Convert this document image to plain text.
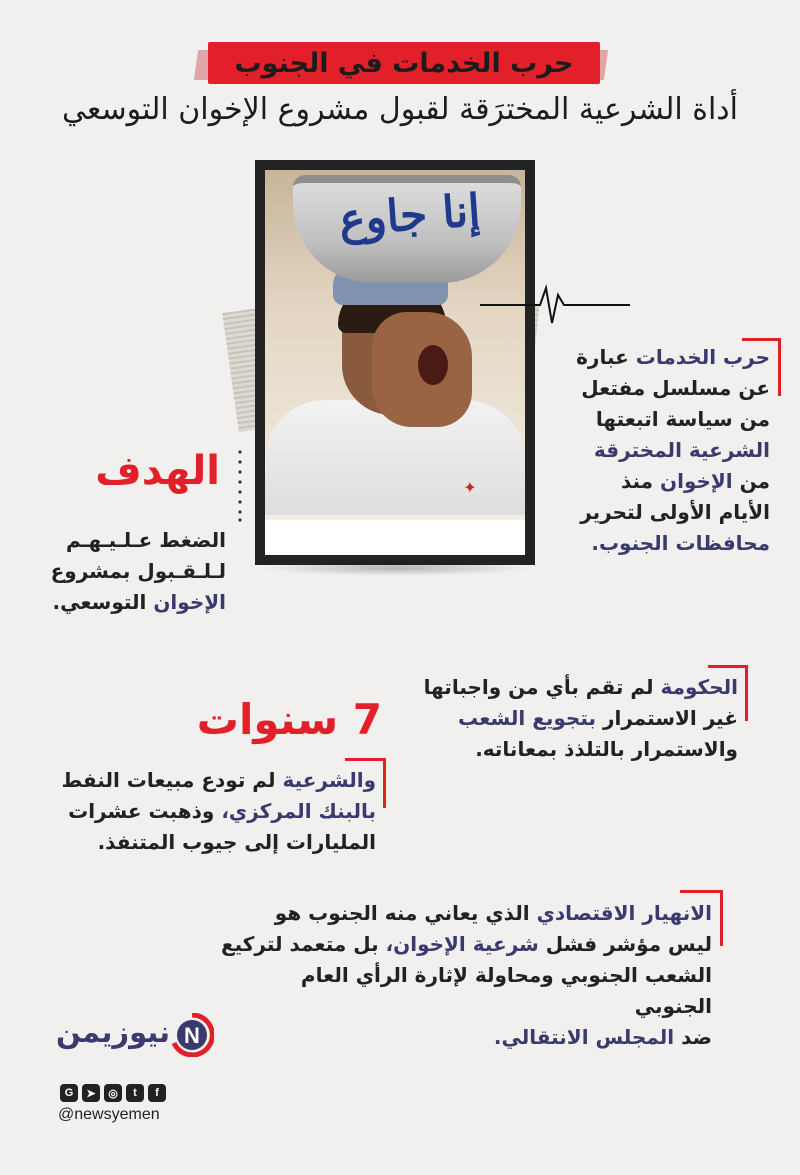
حرب الخدمات في الجنوب
أداة الشرعية المخترَقة لقبول مشروع الإخوان التوسعي
✦
إنا جاوع
حرب الخدمات عبارة
عن مسلسل مفتعل
من سياسة اتبعتها
الشرعية المخترقة
من الإخوان منذ
الأيام الأولى لتحرير
محافظات الجنوب.
الهدف
الضغط عـلـيـهـم
لـلـقـبول بمشروع
الإخوان التوسعي.
الحكومة لم تقم بأي من واجباتها
غير الاستمرار بتجويع الشعب
والاستمرار بالتلذذ بمعاناته.
7 سنوات
والشرعية لم تودع مبيعات النفط
بالبنك المركزي، وذهبت عشرات
المليارات إلى جيوب المتنفذ.
الانهيار الاقتصادي الذي يعاني منه الجنوب هو
ليس مؤشر فشل شرعية الإخوان، بل متعمد لتركيع
الشعب الجنوبي ومحاولة لإثارة الرأي العام الجنوبي
ضد المجلس الانتقالي.
نيوزيمن N
G	➤	◎	t	f
@newsyemen
